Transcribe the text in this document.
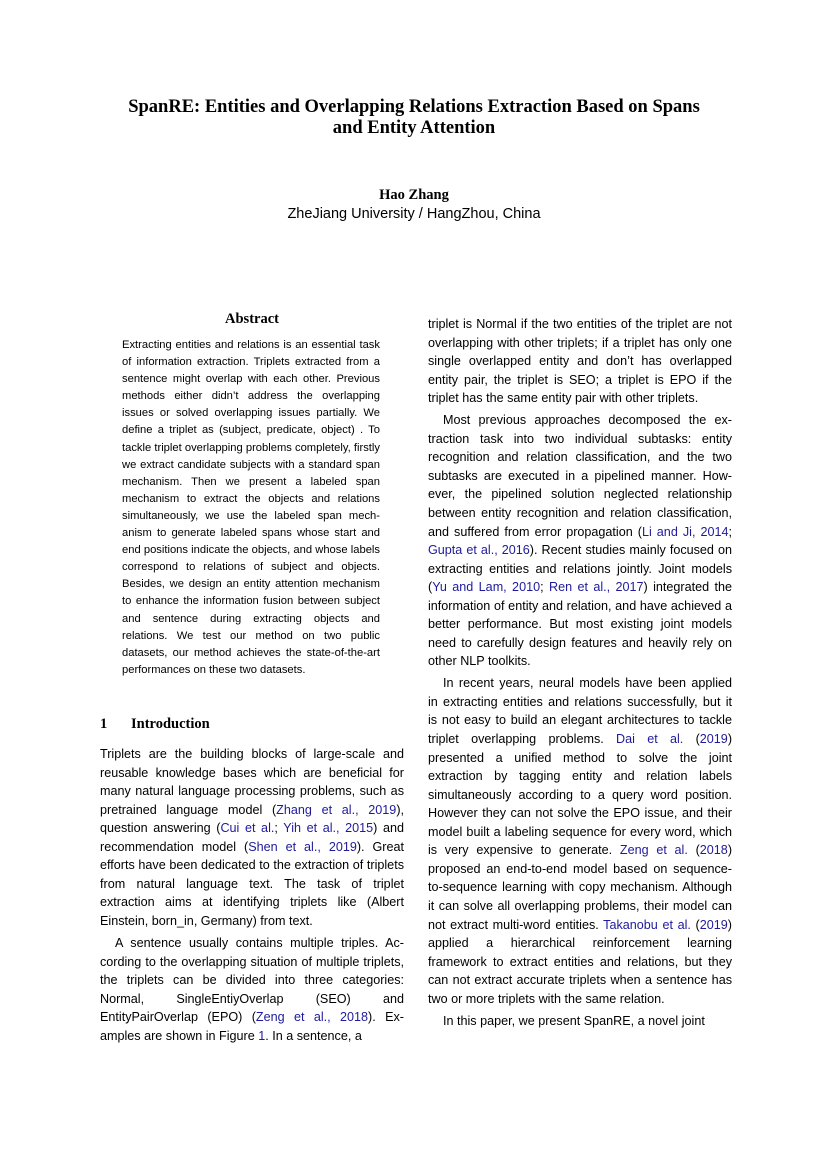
SpanRE: Entities and Overlapping Relations Extraction Based on Spans
and Entity Attention
Hao Zhang
ZheJiang University / HangZhou, China
Abstract
Extracting entities and relations is an essential task of information extraction. Triplets extracted from a sentence might overlap with each other. Previous methods either didn’t address the overlapping issues or solved overlapping issues partially. We define a triplet as (subject, predicate, object) . To tackle triplet overlapping problems completely, firstly we extract candidate subjects with a standard span mechanism. Then we present a labeled span mechanism to extract the objects and relations simultaneously, we use the labeled span mechanism to generate labeled spans whose start and end positions indicate the objects, and whose labels correspond to relations of subject and objects. Besides, we design an entity attention mechanism to enhance the information fusion between subject and sentence during extracting objects and relations. We test our method on two public datasets, our method achieves the state-of-the-art performances on these two datasets.
1 Introduction

Triplets are the building blocks of large-scale and reusable knowledge bases which are beneficial for many natural language processing problems, such as pretrained language model (Zhang et al., 2019), question answering (Cui et al.; Yih et al., 2015) and recommendation model (Shen et al., 2019). Great efforts have been dedicated to the extraction of triplets from natural language text. The task of triplet extraction aims at identifying triplets like (Albert Einstein, born_in, Germany) from text.

A sentence usually contains multiple triples. According to the overlapping situation of multiple triplets, the triplets can be divided into three categories: Normal, SingleEntiyOverlap (SEO) and EntityPairOverlap (EPO) (Zeng et al., 2018). Examples are shown in Figure 1. In a sentence, a

triplet is Normal if the two entities of the triplet are not overlapping with other triplets; if a triplet has only one single overlapped entity and don’t has overlapped entity pair, the triplet is SEO; a triplet is EPO if the triplet has the same entity pair with other triplets.

Most previous approaches decomposed the extraction task into two individual subtasks: entity recognition and relation classification, and the two subtasks are executed in a pipelined manner. However, the pipelined solution neglected relationship between entity recognition and relation classification, and suffered from error propagation (Li and Ji, 2014; Gupta et al., 2016). Recent studies mainly focused on extracting entities and relations jointly. Joint models (Yu and Lam, 2010; Ren et al., 2017) integrated the information of entity and relation, and have achieved a better performance. But most existing joint models need to carefully design features and heavily rely on other NLP toolkits.

In recent years, neural models have been applied in extracting entities and relations successfully, but it is not easy to build an elegant architectures to tackle triplet overlapping problems. Dai et al. (2019) presented a unified method to solve the joint extraction by tagging entity and relation labels simultaneously according to a query word position. However they can not solve the EPO issue, and their model built a labeling sequence for every word, which is very expensive to generate. Zeng et al. (2018) proposed an end-to-end model based on sequence-to-sequence learning with copy mechanism. Although it can solve all overlapping problems, their model can not extract multi-word entities. Takanobu et al. (2019) applied a hierarchical reinforcement learning framework to extract entities and relations, but they can not extract accurate triplets when a sentence has two or more triplets with the same relation.

In this paper, we present SpanRE, a novel joint
